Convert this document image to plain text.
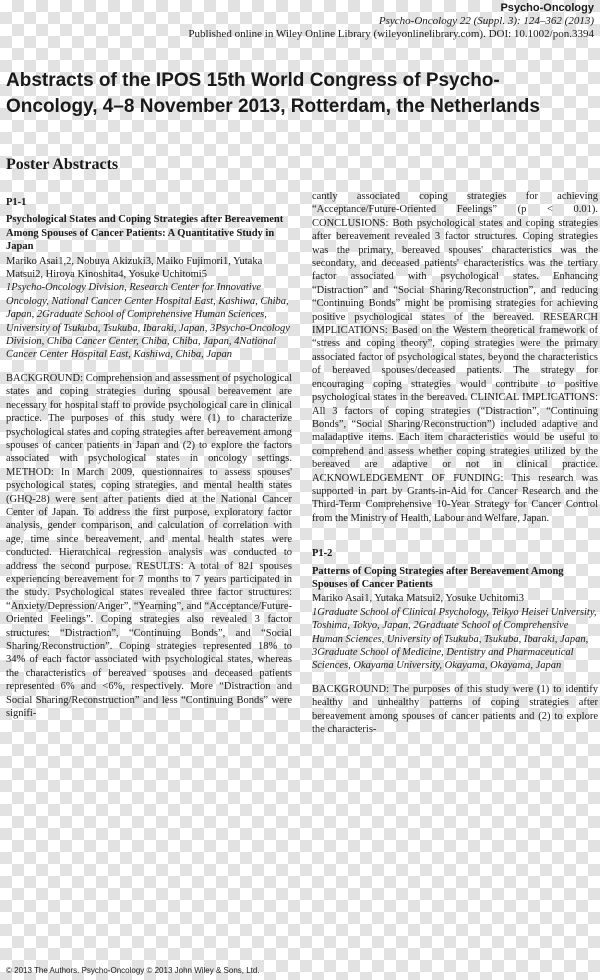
Psycho-Oncology
Psycho-Oncology 22 (Suppl. 3): 124–362 (2013)
Published online in Wiley Online Library (wileyonlinelibrary.com). DOI: 10.1002/pon.3394
Abstracts of the IPOS 15th World Congress of Psycho-Oncology, 4–8 November 2013, Rotterdam, the Netherlands
Poster Abstracts

P1-1

Psychological States and Coping Strategies after Bereavement Among Spouses of Cancer Patients: A Quantitative Study in Japan

Mariko Asai1,2, Nobuya Akizuki3, Maiko Fujimori1, Yutaka Matsui2, Hiroya Kinoshita4, Yosuke Uchitomi5

1Psycho-Oncology Division, Research Center for Innovative Oncology, National Cancer Center Hospital East, Kashiwa, Chiba, Japan, 2Graduate School of Comprehensive Human Sciences, University of Tsukuba, Tsukuba, Ibaraki, Japan, 3Psycho-Oncology Division, Chiba Cancer Center, Chiba, Chiba, Japan, 4National Cancer Center Hospital East, Kashiwa, Chiba, Japan

BACKGROUND: Comprehension and assessment of psychological states and coping strategies during spousal bereavement are necessary for hospital staff to provide psychological care in clinical practice. The purposes of this study were (1) to characterize psychological states and coping strategies after bereavement among spouses of cancer patients in Japan and (2) to explore the factors associated with psychological states in oncology settings. METHOD: In March 2009, questionnaires to assess spouses' psychological states, coping strategies, and mental health states (GHQ-28) were sent after patients died at the National Cancer Center of Japan. To address the first purpose, exploratory factor analysis, gender comparison, and calculation of correlation with age, time since bereavement, and mental health states were conducted. Hierarchical regression analysis was conducted to address the second purpose. RESULTS: A total of 821 spouses experiencing bereavement for 7 months to 7 years participated in the study. Psychological states revealed three factor structures: “Anxiety/Depression/Anger”, “Yearning”, and “Acceptance/Future-Oriented Feelings”. Coping strategies also revealed 3 factor structures: “Distraction”, “Continuing Bonds”, and “Social Sharing/Reconstruction”. Coping strategies represented 18% to 34% of each factor associated with psychological states, whereas the characteristics of bereaved spouses and deceased patients represented 6% and <6%, respectively. More “Distraction and Social Sharing/Reconstruction” and less “Continuing Bonds” were signifi-

cantly associated coping strategies for achieving “Acceptance/Future-Oriented Feelings” (p < 0.01). CONCLUSIONS: Both psychological states and coping strategies after bereavement revealed 3 factor structures. Coping strategies was the primary, bereaved spouses' characteristics was the secondary, and deceased patients' characteristics was the tertiary factor associated with psychological states. Enhancing “Distraction” and “Social Sharing/Reconstruction”, and reducing “Continuing Bonds” might be promising strategies for achieving positive psychological states of the bereaved. RESEARCH IMPLICATIONS: Based on the Western theoretical framework of “stress and coping theory”, coping strategies were the primary associated factor of psychological states, beyond the characteristics of bereaved spouses/deceased patients. The strategy for encouraging coping strategies would contribute to positive psychological states in the bereaved. CLINICAL IMPLICATIONS: All 3 factors of coping strategies (“Distraction”, “Continuing Bonds”, “Social Sharing/Reconstruction”) included adaptive and maladaptive items. Each item characteristics would be useful to comprehend and assess whether coping strategies utilized by the bereaved are adaptive or not in clinical practice. ACKNOWLEDGEMENT OF FUNDING: This research was supported in part by Grants-in-Aid for Cancer Research and the Third-Term Comprehensive 10-Year Strategy for Cancer Control from the Ministry of Health, Labour and Welfare, Japan.

P1-2

Patterns of Coping Strategies after Bereavement Among Spouses of Cancer Patients

Mariko Asai1, Yutaka Matsui2, Yosuke Uchitomi3

1Graduate School of Clinical Psychology, Teikyo Heisei University, Toshima, Tokyo, Japan, 2Graduate School of Comprehensive Human Sciences, University of Tsukuba, Tsukuba, Ibaraki, Japan, 3Graduate School of Medicine, Dentistry and Pharmaceutical Sciences, Okayama University, Okayama, Okayama, Japan

BACKGROUND: The purposes of this study were (1) to identify healthy and unhealthy patterns of coping strategies after bereavement among spouses of cancer patients and (2) to explore the characteris-

© 2013 The Authors. Psycho-Oncology © 2013 John Wiley & Sons, Ltd.
